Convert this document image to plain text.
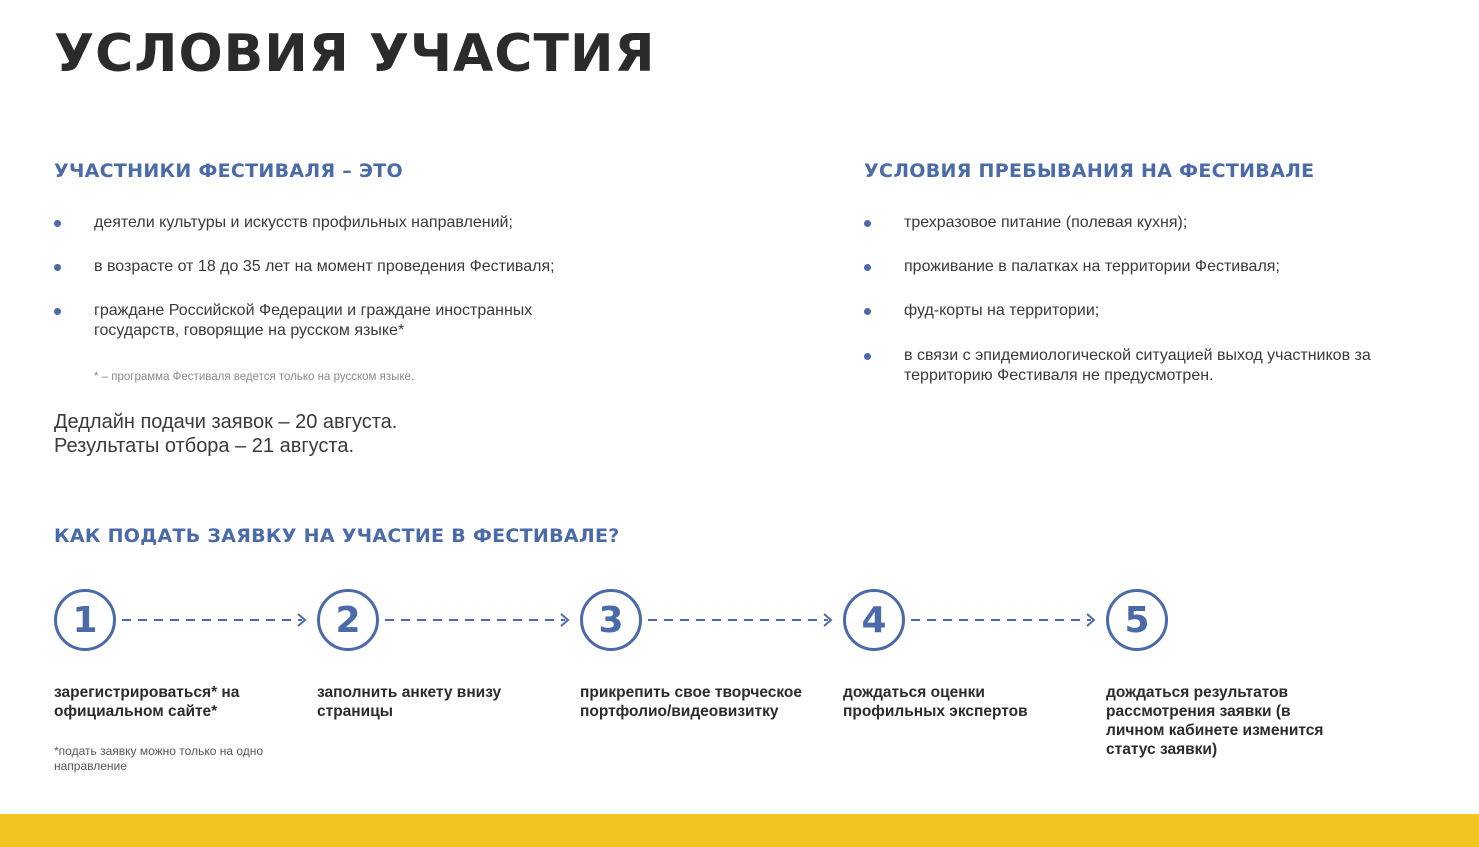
УСЛОВИЯ УЧАСТИЯ
УЧАСТНИКИ ФЕСТИВАЛЯ – ЭТО
деятели культуры и искусств профильных направлений;
в возрасте от 18 до 35 лет на момент проведения Фестиваля;
граждане Российской Федерации и граждане иностранных государств, говорящие на русском языке*
* – программа Фестиваля ведется только на русском языке.
Дедлайн подачи заявок – 20 августа.
Результаты отбора – 21 августа.
УСЛОВИЯ ПРЕБЫВАНИЯ НА ФЕСТИВАЛЕ
трехразовое питание (полевая кухня);
проживание в палатках на территории Фестиваля;
фуд-корты на территории;
в связи с эпидемиологической ситуацией выход участников за территорию Фестиваля не предусмотрен.
КАК ПОДАТЬ ЗАЯВКУ НА УЧАСТИЕ В ФЕСТИВАЛЕ?
1	2	3	4	5
зарегистрироваться* на официальном сайте*
заполнить анкету внизу страницы
прикрепить свое творческое портфолио/видеовизитку
дождаться оценки профильных экспертов
дождаться результатов рассмотрения заявки (в личном кабинете изменится статус заявки)
*подать заявку можно только на одно направление
